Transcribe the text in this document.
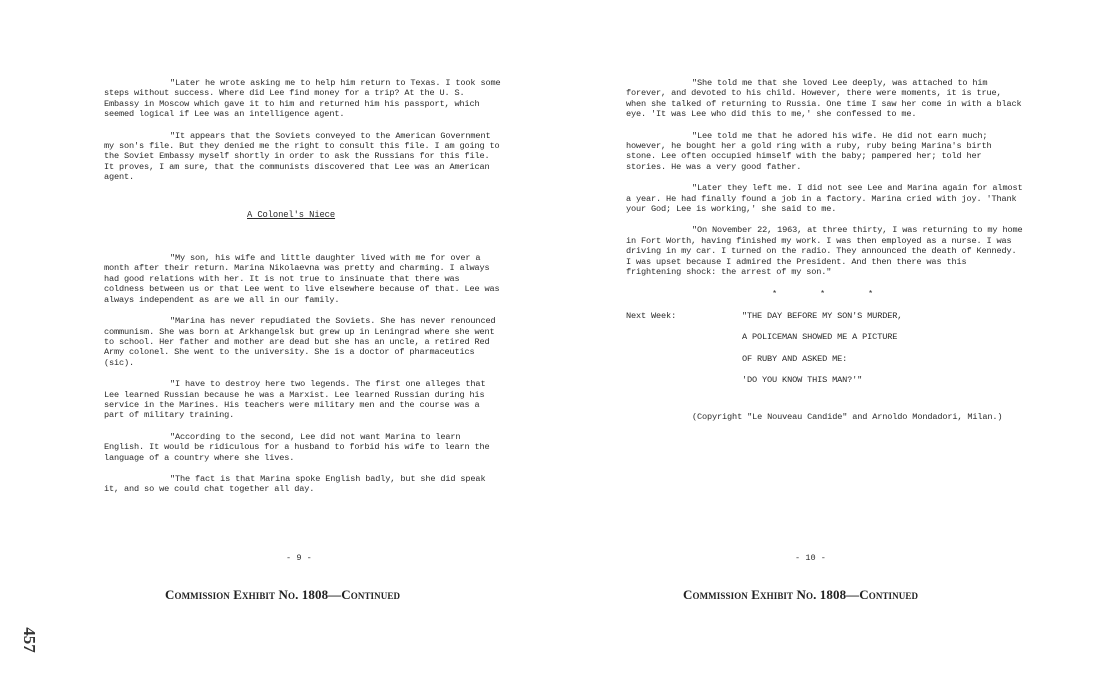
"Later he wrote asking me to help him return to Texas. I took some steps without success. Where did Lee find money for a trip? At the U. S. Embassy in Moscow which gave it to him and returned him his passport, which seemed logical if Lee was an intelligence agent.

"It appears that the Soviets conveyed to the American Government my son's file. But they denied me the right to consult this file. I am going to the Soviet Embassy myself shortly in order to ask the Russians for this file. It proves, I am sure, that the communists discovered that Lee was an American agent.

A Colonel's Niece

"My son, his wife and little daughter lived with me for over a month after their return. Marina Nikolaevna was pretty and charming. I always had good relations with her. It is not true to insinuate that there was coldness between us or that Lee went to live elsewhere because of that. Lee was always independent as are we all in our family.

"Marina has never repudiated the Soviets. She has never renounced communism. She was born at Arkhangelsk but grew up in Leningrad where she went to school. Her father and mother are dead but she has an uncle, a retired Red Army colonel. She went to the university. She is a doctor of pharmaceutics (sic).

"I have to destroy here two legends. The first one alleges that Lee learned Russian because he was a Marxist. Lee learned Russian during his service in the Marines. His teachers were military men and the course was a part of military training.

"According to the second, Lee did not want Marina to learn English. It would be ridiculous for a husband to forbid his wife to learn the language of a country where she lives.

"The fact is that Marina spoke English badly, but she did speak it, and so we could chat together all day.

- 9 -
Commission Exhibit No. 1808—Continued

"She told me that she loved Lee deeply, was attached to him forever, and devoted to his child. However, there were moments, it is true, when she talked of returning to Russia. One time I saw her come in with a black eye. 'It was Lee who did this to me,' she confessed to me.

"Lee told me that he adored his wife. He did not earn much; however, he bought her a gold ring with a ruby, ruby being Marina's birth stone. Lee often occupied himself with the baby; pampered her; told her stories. He was a very good father.

"Later they left me. I did not see Lee and Marina again for almost a year. He had finally found a job in a factory. Marina cried with joy. 'Thank your God; Lee is working,' she said to me.

"On November 22, 1963, at three thirty, I was returning to my home in Fort Worth, having finished my work. I was then employed as a nurse. I was driving in my car. I turned on the radio. They announced the death of Kennedy. I was upset because I admired the President. And then there was this frightening shock: the arrest of my son."

*	*	*
Next Week:	"THE DAY BEFORE MY SON'S MURDER,
A POLICEMAN SHOWED ME A PICTURE
OF RUBY AND ASKED ME:
'DO YOU KNOW THIS MAN?'"
(Copyright "Le Nouveau Candide" and Arnoldo Mondadori, Milan.)
- 10 -
Commission Exhibit No. 1808—Continued
457
